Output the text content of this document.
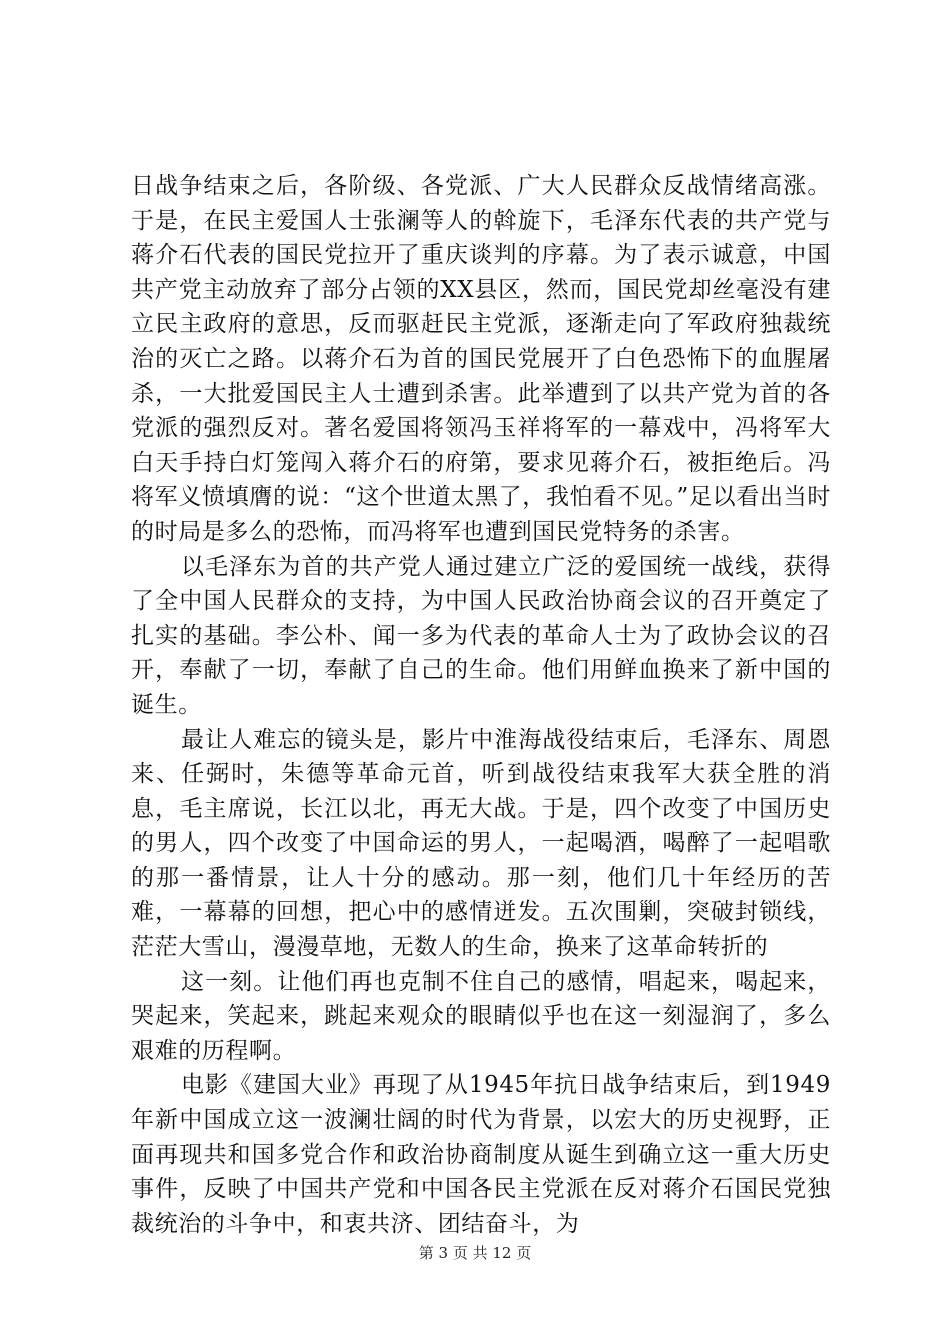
日战争结束之后，各阶级、各党派、广大人民群众反战情绪高涨。于是，在民主爱国人士张澜等人的斡旋下，毛泽东代表的共产党与蒋介石代表的国民党拉开了重庆谈判的序幕。为了表示诚意，中国共产党主动放弃了部分占领的XX县区，然而，国民党却丝毫没有建立民主政府的意思，反而驱赶民主党派，逐渐走向了军政府独裁统治的灭亡之路。以蒋介石为首的国民党展开了白色恐怖下的血腥屠杀，一大批爱国民主人士遭到杀害。此举遭到了以共产党为首的各党派的强烈反对。著名爱国将领冯玉祥将军的一幕戏中，冯将军大白天手持白灯笼闯入蒋介石的府第，要求见蒋介石，被拒绝后。冯将军义愤填膺的说：“这个世道太黑了，我怕看不见。”足以看出当时的时局是多么的恐怖，而冯将军也遭到国民党特务的杀害。

以毛泽东为首的共产党人通过建立广泛的爱国统一战线，获得了全中国人民群众的支持，为中国人民政治协商会议的召开奠定了扎实的基础。李公朴、闻一多为代表的革命人士为了政协会议的召开，奉献了一切，奉献了自己的生命。他们用鲜血换来了新中国的诞生。

最让人难忘的镜头是，影片中淮海战役结束后，毛泽东、周恩来、任弼时，朱德等革命元首，听到战役结束我军大获全胜的消息，毛主席说，长江以北，再无大战。于是，四个改变了中国历史的男人，四个改变了中国命运的男人，一起喝酒，喝醉了一起唱歌的那一番情景，让人十分的感动。那一刻，他们几十年经历的苦难，一幕幕的回想，把心中的感情迸发。五次围剿，突破封锁线，茫茫大雪山，漫漫草地，无数人的生命，换来了这革命转折的

这一刻。让他们再也克制不住自己的感情，唱起来，喝起来，哭起来，笑起来，跳起来观众的眼睛似乎也在这一刻湿润了，多么艰难的历程啊。

电影《建国大业》再现了从1945年抗日战争结束后，到1949年新中国成立这一波澜壮阔的时代为背景，以宏大的历史视野，正面再现共和国多党合作和政治协商制度从诞生到确立这一重大历史事件，反映了中国共产党和中国各民主党派在反对蒋介石国民党独裁统治的斗争中，和衷共济、团结奋斗，为

第 3 页 共 12 页
